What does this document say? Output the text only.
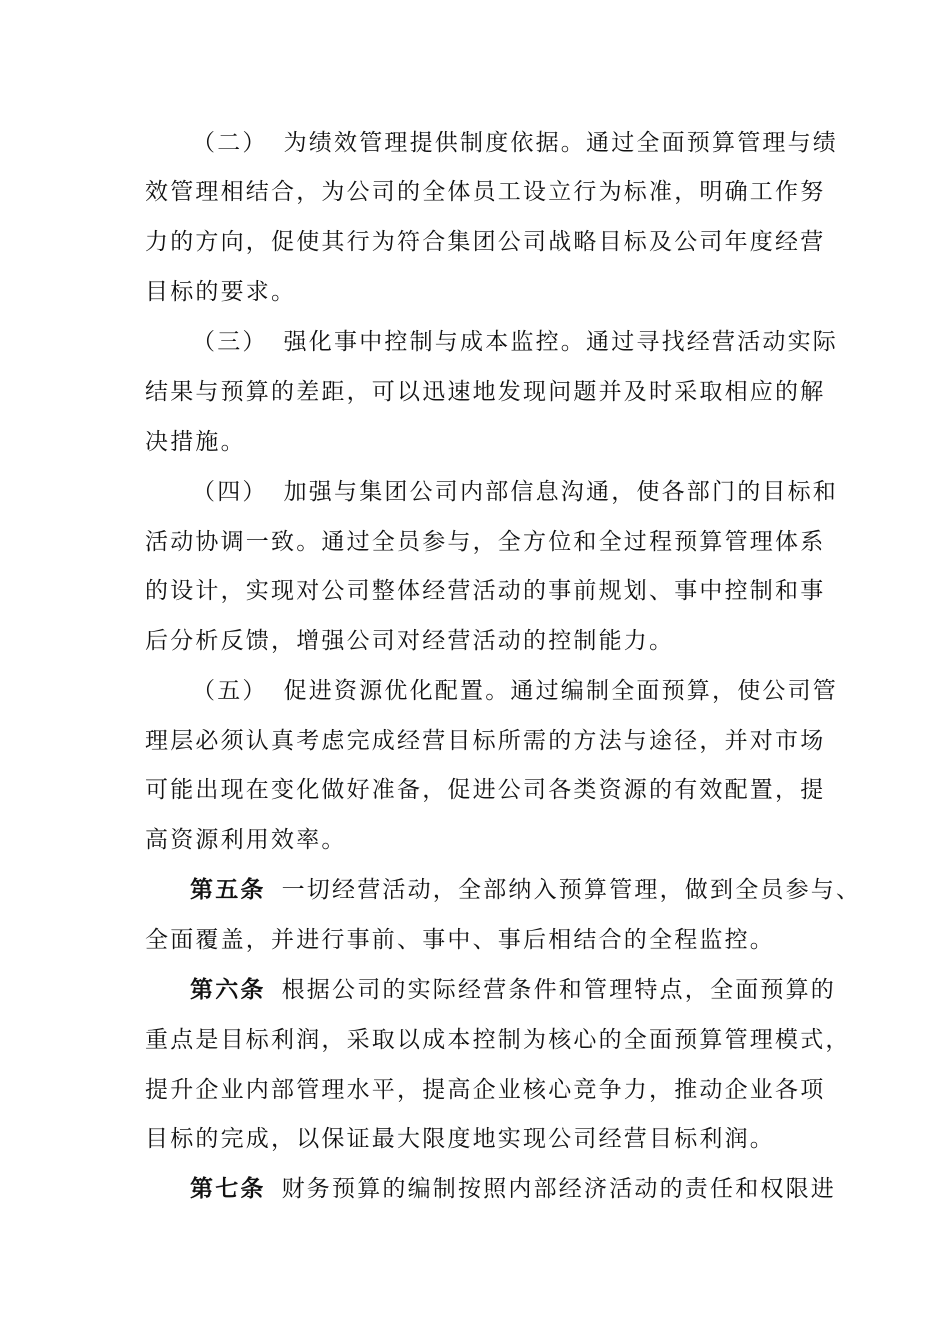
（二） 为绩效管理提供制度依据。通过全面预算管理与绩
效管理相结合，为公司的全体员工设立行为标准，明确工作努
力的方向，促使其行为符合集团公司战略目标及公司年度经营
目标的要求。
（三） 强化事中控制与成本监控。通过寻找经营活动实际
结果与预算的差距，可以迅速地发现问题并及时采取相应的解
决措施。
（四） 加强与集团公司内部信息沟通，使各部门的目标和
活动协调一致。通过全员参与，全方位和全过程预算管理体系
的设计，实现对公司整体经营活动的事前规划、事中控制和事
后分析反馈，增强公司对经营活动的控制能力。
（五） 促进资源优化配置。通过编制全面预算，使公司管
理层必须认真考虑完成经营目标所需的方法与途径，并对市场
可能出现在变化做好准备，促进公司各类资源的有效配置，提
高资源利用效率。
第五条 一切经营活动，全部纳入预算管理，做到全员参与、
全面覆盖，并进行事前、事中、事后相结合的全程监控。
第六条 根据公司的实际经营条件和管理特点，全面预算的
重点是目标利润，采取以成本控制为核心的全面预算管理模式，
提升企业内部管理水平，提高企业核心竞争力，推动企业各项
目标的完成，以保证最大限度地实现公司经营目标利润。
第七条 财务预算的编制按照内部经济活动的责任和权限进
